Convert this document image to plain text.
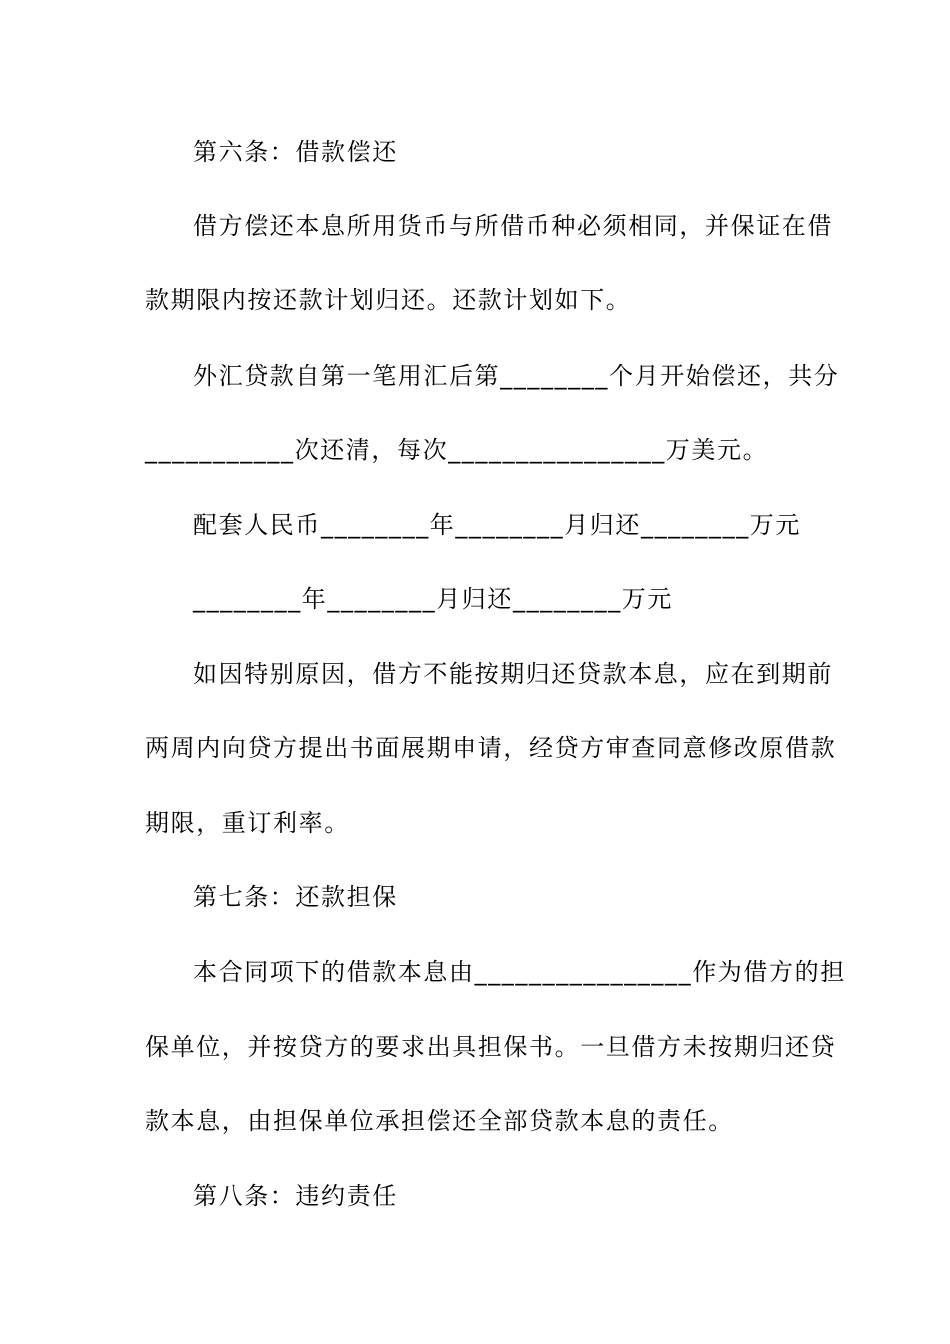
第六条：借款偿还
借方偿还本息所用货币与所借币种必须相同，并保证在借
款期限内按还款计划归还。还款计划如下。
外汇贷款自第一笔用汇后第________个月开始偿还，共分
___________次还清，每次________________万美元。
配套人民币________年________月归还________万元
________年________月归还________万元
如因特别原因，借方不能按期归还贷款本息，应在到期前
两周内向贷方提出书面展期申请，经贷方审查同意修改原借款
期限，重订利率。
第七条：还款担保
本合同项下的借款本息由________________作为借方的担
保单位，并按贷方的要求出具担保书。一旦借方未按期归还贷
款本息，由担保单位承担偿还全部贷款本息的责任。
第八条：违约责任
